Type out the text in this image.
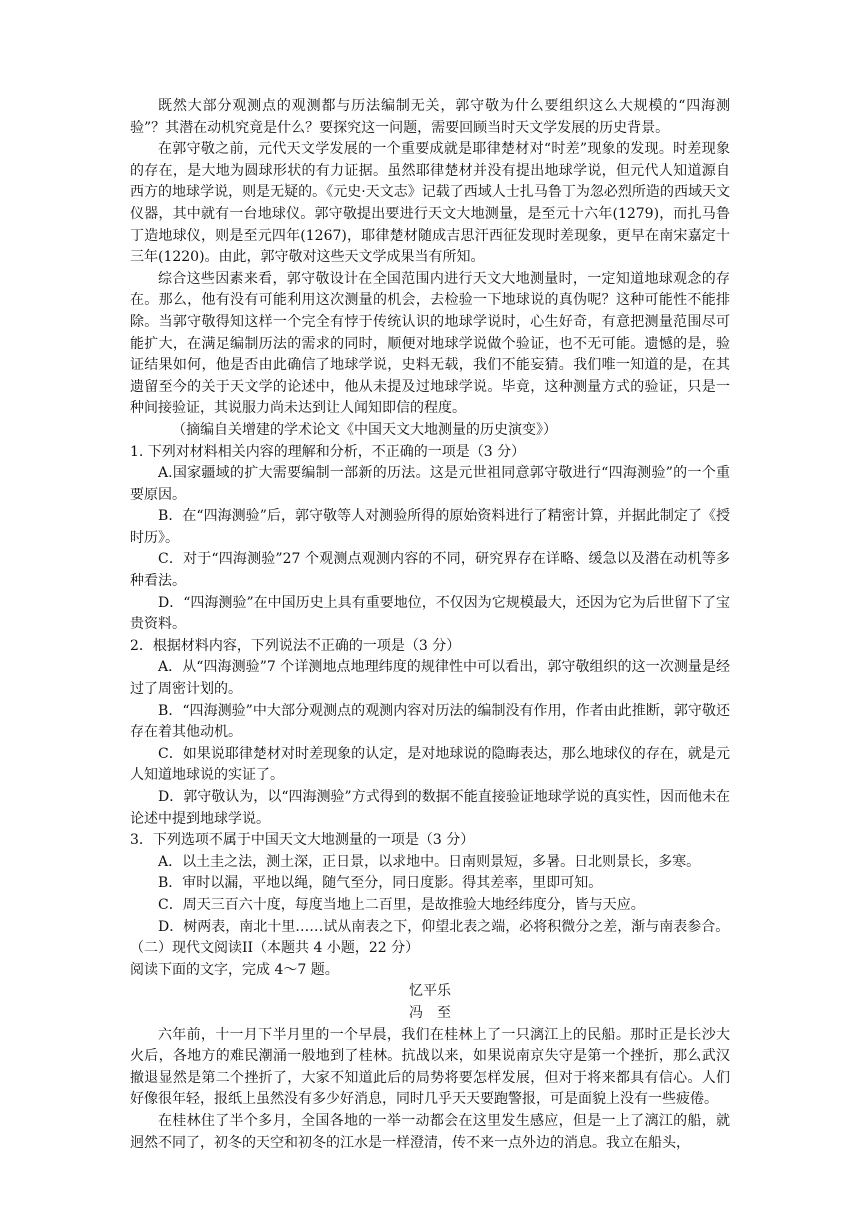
既然大部分观测点的观测都与历法编制无关，郭守敬为什么要组织这么大规模的“四海测验”？其潜在动机究竟是什么？要探究这一问题，需要回顾当时天文学发展的历史背景。

在郭守敬之前，元代天文学发展的一个重要成就是耶律楚材对“时差”现象的发现。时差现象的存在，是大地为圆球形状的有力证据。虽然耶律楚材并没有提出地球学说，但元代人知道源自西方的地球学说，则是无疑的。《元史·天文志》记载了西域人士扎马鲁丁为忽必烈所造的西域天文仪器，其中就有一台地球仪。郭守敬提出要进行天文大地测量，是至元十六年(1279)，而扎马鲁丁造地球仪，则是至元四年(1267)，耶律楚材随成吉思汗西征发现时差现象，更早在南宋嘉定十三年(1220)。由此，郭守敬对这些天文学成果当有所知。

综合这些因素来看，郭守敬设计在全国范围内进行天文大地测量时，一定知道地球观念的存在。那么，他有没有可能利用这次测量的机会，去检验一下地球说的真伪呢？这种可能性不能排除。当郭守敬得知这样一个完全有悖于传统认识的地球学说时，心生好奇，有意把测量范围尽可能扩大，在满足编制历法的需求的同时，顺便对地球学说做个验证，也不无可能。遗憾的是，验证结果如何，他是否由此确信了地球学说，史料无载，我们不能妄猜。我们唯一知道的是，在其遗留至今的关于天文学的论述中，他从未提及过地球学说。毕竟，这种测量方式的验证，只是一种间接验证，其说服力尚未达到让人闻知即信的程度。

（摘编自关增建的学术论文《中国天文大地测量的历史演变》）

1. 下列对材料相关内容的理解和分析，不正确的一项是（3 分）

A.国家疆域的扩大需要编制一部新的历法。这是元世祖同意郭守敬进行“四海测验”的一个重要原因。

B．在“四海测验”后，郭守敬等人对测验所得的原始资料进行了精密计算，并据此制定了《授时历》。

C．对于“四海测验”27 个观测点观测内容的不同，研究界存在详略、缓急以及潜在动机等多种看法。

D．“四海测验”在中国历史上具有重要地位，不仅因为它规模最大，还因为它为后世留下了宝贵资料。

2．根据材料内容，下列说法不正确的一项是（3 分）

A．从“四海测验”7 个详测地点地理纬度的规律性中可以看出，郭守敬组织的这一次测量是经过了周密计划的。

B．“四海测验”中大部分观测点的观测内容对历法的编制没有作用，作者由此推断，郭守敬还存在着其他动机。

C．如果说耶律楚材对时差现象的认定，是对地球说的隐晦表达，那么地球仪的存在，就是元人知道地球说的实证了。

D．郭守敬认为，以“四海测验”方式得到的数据不能直接验证地球学说的真实性，因而他未在论述中提到地球学说。

3．下列选项不属于中国天文大地测量的一项是（3 分）

A．以土圭之法，测土深，正日景，以求地中。日南则景短，多暑。日北则景长，多寒。

B．审时以漏，平地以绳，随气至分，同日度影。得其差率，里即可知。

C．周天三百六十度，每度当地上二百里，是故推验大地经纬度分，皆与天应。

D．树两表，南北十里……试从南表之下，仰望北表之端，必将积微分之差，渐与南表参合。

（二）现代文阅读II（本题共 4 小题，22 分）

阅读下面的文字，完成 4～7 题。

忆平乐

冯至

六年前，十一月下半月里的一个早晨，我们在桂林上了一只漓江上的民船。那时正是长沙大火后，各地方的难民潮涌一般地到了桂林。抗战以来，如果说南京失守是第一个挫折，那么武汉撤退显然是第二个挫折了，大家不知道此后的局势将要怎样发展，但对于将来都具有信心。人们好像很年轻，报纸上虽然没有多少好消息，同时几乎天天要跑警报，可是面貌上没有一些疲倦。

在桂林住了半个多月，全国各地的一举一动都会在这里发生感应，但是一上了漓江的船，就迥然不同了，初冬的天空和初冬的江水是一样澄清，传不来一点外边的消息。我立在船头，
